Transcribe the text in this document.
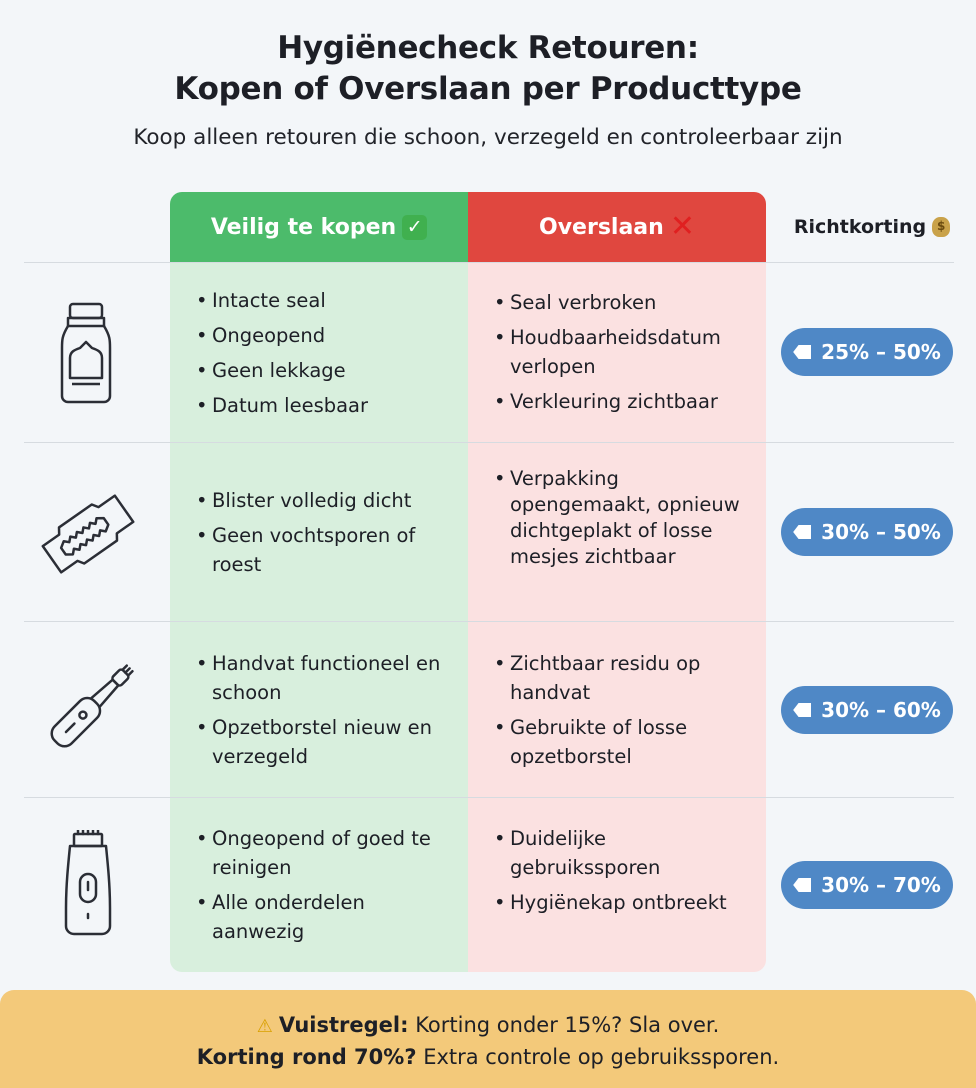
Hygiënecheck Retouren:
Kopen of Overslaan per Producttype
Koop alleen retouren die schoon, verzegeld en controleerbaar zijn
Veilig te kopen ✓	Overslaan ✕	Richtkorting
$
• Intacte seal
• Ongeopend
• Geen lekkage
• Datum leesbaar
• Seal verbroken
• Houdbaarheidsdatum verlopen
• Verkleuring zichtbaar
25% – 50%
• Blister volledig dicht
• Geen vochtsporen of roest
• Verpakking opengemaakt, opnieuw dichtgeplakt of losse mesjes zichtbaar
30% – 50%
• Handvat functioneel en schoon
• Opzetborstel nieuw en verzegeld
• Zichtbaar residu op handvat
• Gebruikte of losse opzetborstel
30% – 60%
• Ongeopend of goed te reinigen
• Alle onderdelen aanwezig
• Duidelijke gebruikssporen
• Hygiënekap ontbreekt
30% – 70%
⚠ Vuistregel: Korting onder 15%? Sla over.
Korting rond 70%? Extra controle op gebruikssporen.
